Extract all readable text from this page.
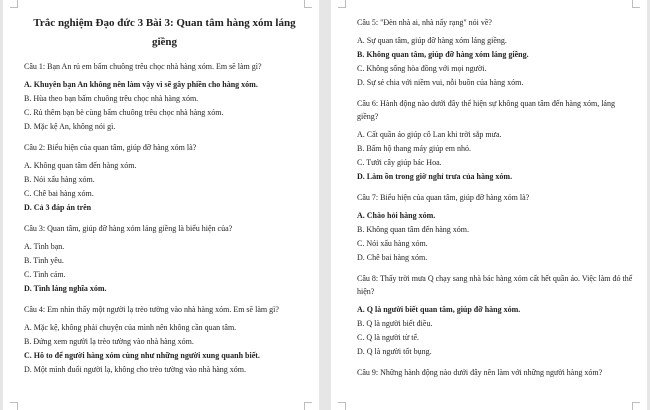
Trắc nghiệm Đạo đức 3 Bài 3: Quan tâm hàng xóm láng giềng
Câu 1: Bạn An rủ em bấm chuông trêu chọc nhà hàng xóm. Em sẽ làm gì?
A. Khuyên bạn An không nên làm vậy vì sẽ gây phiền cho hàng xóm.
B. Hùa theo bạn bấm chuông trêu chọc nhà hàng xóm.
C. Rủ thêm bạn bè cùng bấm chuông trêu chọc nhà hàng xóm.
D. Mặc kệ An, không nói gì.
Câu 2: Biểu hiện của quan tâm, giúp đỡ hàng xóm là?
A. Không quan tâm đến hàng xóm.
B. Nói xấu hàng xóm.
C. Chê bai hàng xóm.
D. Cả 3 đáp án trên
Câu 3: Quan tâm, giúp đỡ hàng xóm láng giềng là biểu hiện của?
A. Tình bạn.
B. Tình yêu.
C. Tình cảm.
D. Tình láng nghĩa xóm.
Câu 4: Em nhìn thấy một người lạ trèo tường vào nhà hàng xóm. Em sẽ làm gì?
A. Mặc kệ, không phải chuyện của mình nên không cần quan tâm.
B. Đứng xem người lạ trèo tường vào nhà hàng xóm.
C. Hô to để người hàng xóm cùng như những người xung quanh biết.
D. Một mình đuổi người lạ, không cho trèo tường vào nhà hàng xóm.
Câu 5: "Đèn nhà ai, nhà nấy rạng" nói về?
A. Sự quan tâm, giúp đỡ hàng xóm láng giềng.
B. Không quan tâm, giúp đỡ hàng xóm láng giềng.
C. Không sống hòa đồng với mọi người.
D. Sự sẻ chia với niềm vui, nỗi buồn của hàng xóm.
Câu 6: Hành động nào dưới đây thể hiện sự không quan tâm đến hàng xóm, láng giềng?
A. Cất quần áo giúp cô Lan khi trời sắp mưa.
B. Bấm hộ thang máy giúp em nhỏ.
C. Tưới cây giúp bác Hoa.
D. Làm ồn trong giờ nghỉ trưa của hàng xóm.
Câu 7: Biểu hiện của quan tâm, giúp đỡ hàng xóm là?
A. Chào hỏi hàng xóm.
B. Không quan tâm đến hàng xóm.
C. Nói xấu hàng xóm.
D. Chê bai hàng xóm.
Câu 8: Thấy trời mưa Q chạy sang nhà bác hàng xóm cất hết quần áo. Việc làm đó thể hiện?
A. Q là người biết quan tâm, giúp đỡ hàng xóm.
B. Q là người biết điều.
C. Q là người từ tế.
D. Q là người tốt bụng.
Câu 9: Những hành động nào dưới đây nên làm với những người hàng xóm?
